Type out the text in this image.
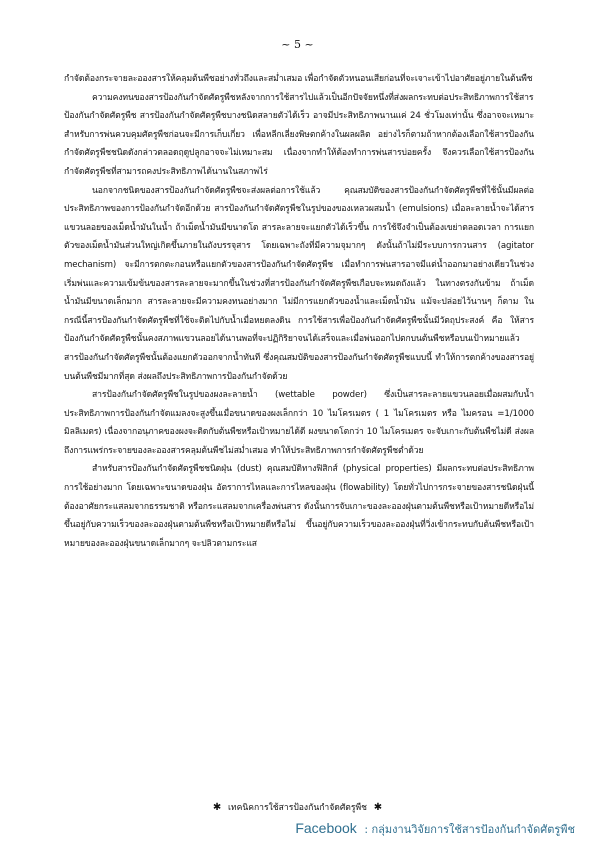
~ 5 ~

กำจัดต้องกระจายละอองสารให้คลุมต้นพืชอย่างทั่วถึงและสม่ำเสมอ เพื่อกำจัดตัวหนอนเสียก่อนที่จะเจาะเข้าไปอาศัยอยู่ภายในต้นพืช

ความคงทนของสารป้องกันกำจัดศัตรูพืชหลังจากการใช้สารไปแล้วเป็นอีกปัจจัยหนึ่งที่ส่งผลกระทบต่อประสิทธิภาพการใช้สารป้องกันกำจัดศัตรูพืช สารป้องกันกำจัดศัตรูพืชบางชนิดสลายตัวได้เร็ว อาจมีประสิทธิภาพนานแค่ 24 ชั่วโมงเท่านั้น ซึ่งอาจจะเหมาะสำหรับการพ่นควบคุมศัตรูพืชก่อนจะมีการเก็บเกี่ยว เพื่อหลีกเลี่ยงพิษตกค้างในผลผลิต อย่างไรก็ตามถ้าหากต้องเลือกใช้สารป้องกันกำจัดศัตรูพืชชนิดดังกล่าวตลอดฤดูปลูกอาจจะไม่เหมาะสม เนื่องจากทำให้ต้องทำการพ่นสารบ่อยครั้ง จึงควรเลือกใช้สารป้องกันกำจัดศัตรูพืชที่สามารถคงประสิทธิภาพได้นานในสภาพไร่

นอกจากชนิดของสารป้องกันกำจัดศัตรูพืชจะส่งผลต่อการใช้แล้ว คุณสมบัติของสารป้องกันกำจัดศัตรูพืชที่ใช้นั้นมีผลต่อประสิทธิภาพของการป้องกันกำจัดอีกด้วย สารป้องกันกำจัดศัตรูพืชในรูปของของเหลวผสมน้ำ (emulsions) เมื่อละลายน้ำจะได้สารแขวนลอยของเม็ดน้ำมันในน้ำ ถ้าเม็ดน้ำมันมีขนาดโต สารละลายจะแยกตัวได้เร็วขึ้น การใช้จึงจำเป็นต้องเขย่าตลอดเวลา การแยกตัวของเม็ดน้ำมันส่วนใหญ่เกิดขึ้นภายในถังบรรจุสาร โดยเฉพาะถังที่มีความจุมากๆ ดังนั้นถ้าไม่มีระบบการกวนสาร (agitator mechanism) จะมีการตกตะกอนหรือแยกตัวของสารป้องกันกำจัดศัตรูพืช เมื่อทำการพ่นสารอาจมีแต่น้ำออกมาอย่างเดียวในช่วงเริ่มพ่นและความเข้มข้นของสารละลายจะมากขึ้นในช่วงที่สารป้องกันกำจัดศัตรูพืชเกือบจะหมดถังแล้ว ในทางตรงกันข้าม ถ้าเม็ดน้ำมันมีขนาดเล็กมาก สารละลายจะมีความคงทนอย่างมาก ไม่มีการแยกตัวของน้ำและเม็ดน้ำมัน แม้จะปล่อยไว้นานๆ ก็ตาม ในกรณีนี้สารป้องกันกำจัดศัตรูพืชที่ใช้จะติดไปกับน้ำเมื่อหยดลงดิน การใช้สารเพื่อป้องกันกำจัดศัตรูพืชนั้นมีวัตถุประสงค์ คือ ให้สารป้องกันกำจัดศัตรูพืชนั้นคงสภาพแขวนลอยได้นานพอที่จะปฏิกิริยาจนได้เสร็จและเมื่อพ่นออกไปตกบนต้นพืชหรือบนเป้าหมายแล้วสารป้องกันกำจัดศัตรูพืชนั้นต้องแยกตัวออกจากน้ำทันที ซึ่งคุณสมบัติของสารป้องกันกำจัดศัตรูพืชแบบนี้ ทำให้การตกค้างของสารอยู่บนต้นพืชมีมากที่สุด ส่งผลถึงประสิทธิภาพการป้องกันกำจัดด้วย

สารป้องกันกำจัดศัตรูพืชในรูปของผงละลายน้ำ (wettable powder) ซึ่งเป็นสารละลายแขวนลอยเมื่อผสมกับน้ำ ประสิทธิภาพการป้องกันกำจัดแมลงจะสูงขึ้นเมื่อขนาดของผงเล็กกว่า 10 ไมโครเมตร ( 1 ไมโครเมตร หรือ ไมครอน =1/1000 มิลลิเมตร) เนื่องจากอนุภาคของผงจะติดกับต้นพืชหรือเป้าหมายได้ดี ผงขนาดโตกว่า 10 ไมโครเมตร จะจับเกาะกับต้นพืชไม่ดี ส่งผลถึงการแพร่กระจายของละอองสารคลุมต้นพืชไม่สม่ำเสมอ ทำให้ประสิทธิภาพการกำจัดศัตรูพืชต่ำด้วย

สำหรับสารป้องกันกำจัดศัตรูพืชชนิดฝุ่น (dust) คุณสมบัติทางฟิสิกส์ (physical properties) มีผลกระทบต่อประสิทธิภาพการใช้อย่างมาก โดยเฉพาะขนาดของฝุ่น อัตราการไหลและการไหลของฝุ่น (flowability) โดยทั่วไปการกระจายของสารชนิดฝุ่นนี้ ต้องอาศัยกระแสลมจากธรรมชาติ หรือกระแสลมจากเครื่องพ่นสาร ดังนั้นการจับเกาะของละอองฝุ่นตามต้นพืชหรือเป้าหมายดีหรือไม่ ขึ้นอยู่กับความเร็วของละอองฝุ่นตามต้นพืชหรือเป้าหมายดีหรือไม่ ขึ้นอยู่กับความเร็วของละอองฝุ่นที่วิ่งเข้ากระทบกับต้นพืชหรือเป้าหมายของละอองฝุ่นขนาดเล็กมากๆ จะปลิวตามกระแส

✱ เทคนิคการใช้สารป้องกันกำจัดศัตรูพืช ✱
Facebook : กลุ่มงานวิจัยการใช้สารป้องกันกำจัดศัตรูพืช
